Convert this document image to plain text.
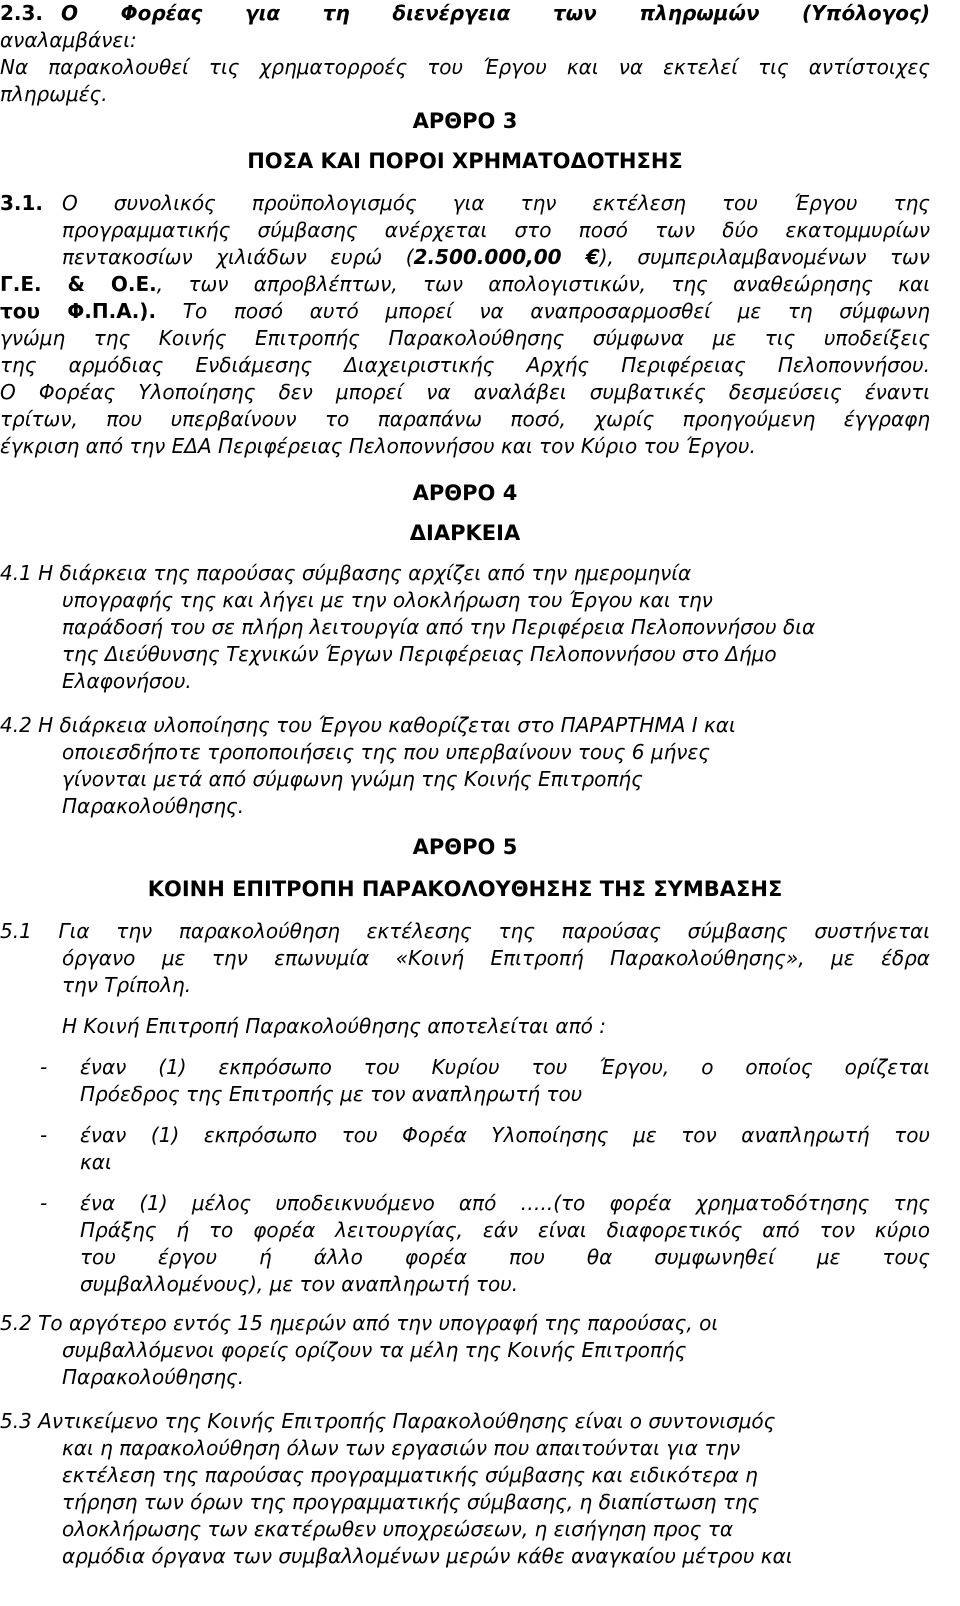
2.3. Ο Φορέας για τη διενέργεια των πληρωμών (Υπόλογος)
αναλαμβάνει:
Να παρακολουθεί τις χρηματορροές του Έργου και να εκτελεί τις αντίστοιχες
πληρωμές.
ΑΡΘΡΟ 3
ΠΟΣΑ ΚΑΙ ΠΟΡΟΙ ΧΡΗΜΑΤΟΔΟΤΗΣΗΣ
3.1. Ο συνολικός προϋπολογισμός για την εκτέλεση του Έργου της
προγραμματικής σύμβασης ανέρχεται στο ποσό των δύο εκατομμυρίων
πεντακοσίων χιλιάδων ευρώ (2.500.000,00 €), συμπεριλαμβανομένων των
Γ.Ε. & Ο.Ε., των απροβλέπτων, των απολογιστικών, της αναθεώρησης και
του Φ.Π.Α.). Το ποσό αυτό μπορεί να αναπροσαρμοσθεί με τη σύμφωνη
γνώμη της Κοινής Επιτροπής Παρακολούθησης σύμφωνα με τις υποδείξεις
της αρμόδιας Ενδιάμεσης Διαχειριστικής Αρχής Περιφέρειας Πελοποννήσου.
Ο Φορέας Υλοποίησης δεν μπορεί να αναλάβει συμβατικές δεσμεύσεις έναντι
τρίτων, που υπερβαίνουν το παραπάνω ποσό, χωρίς προηγούμενη έγγραφη
έγκριση από την ΕΔΑ Περιφέρειας Πελοποννήσου και τον Κύριο του Έργου.
ΑΡΘΡΟ 4
ΔΙΑΡΚΕΙΑ
4.1 Η διάρκεια της παρούσας σύμβασης αρχίζει από την ημερομηνία
υπογραφής της και λήγει με την ολοκλήρωση του Έργου και την
παράδοσή του σε πλήρη λειτουργία από την Περιφέρεια Πελοποννήσου δια
της Διεύθυνσης Τεχνικών Έργων Περιφέρειας Πελοποννήσου στο Δήμο
Ελαφονήσου.
4.2 Η διάρκεια υλοποίησης του Έργου καθορίζεται στο ΠΑΡΑΡΤΗΜΑ Ι και
οποιεσδήποτε τροποποιήσεις της που υπερβαίνουν τους 6 μήνες
γίνονται μετά από σύμφωνη γνώμη της Κοινής Επιτροπής
Παρακολούθησης.
ΑΡΘΡΟ 5
ΚΟΙΝΗ ΕΠΙΤΡΟΠΗ ΠΑΡΑΚΟΛΟΥΘΗΣΗΣ ΤΗΣ ΣΥΜΒΑΣΗΣ
5.1 Για την παρακολούθηση εκτέλεσης της παρούσας σύμβασης συστήνεται
όργανο με την επωνυμία «Κοινή Επιτροπή Παρακολούθησης», με έδρα
την Τρίπολη.
Η Κοινή Επιτροπή Παρακολούθησης αποτελείται από :
- έναν (1) εκπρόσωπο του Κυρίου του Έργου, ο οποίος ορίζεται
Πρόεδρος της Επιτροπής με τον αναπληρωτή του
- έναν (1) εκπρόσωπο του Φορέα Υλοποίησης με τον αναπληρωτή του
και
- ένα (1) μέλος υποδεικνυόμενο από …..(το φορέα χρηματοδότησης της
Πράξης ή το φορέα λειτουργίας, εάν είναι διαφορετικός από τον κύριο
του έργου ή άλλο φορέα που θα συμφωνηθεί με τους
συμβαλλομένους), με τον αναπληρωτή του.
5.2 Το αργότερο εντός 15 ημερών από την υπογραφή της παρούσας, οι
συμβαλλόμενοι φορείς ορίζουν τα μέλη της Κοινής Επιτροπής
Παρακολούθησης.
5.3 Αντικείμενο της Κοινής Επιτροπής Παρακολούθησης είναι ο συντονισμός
και η παρακολούθηση όλων των εργασιών που απαιτούνται για την
εκτέλεση της παρούσας προγραμματικής σύμβασης και ειδικότερα η
τήρηση των όρων της προγραμματικής σύμβασης, η διαπίστωση της
ολοκλήρωσης των εκατέρωθεν υποχρεώσεων, η εισήγηση προς τα
αρμόδια όργανα των συμβαλλομένων μερών κάθε αναγκαίου μέτρου και
